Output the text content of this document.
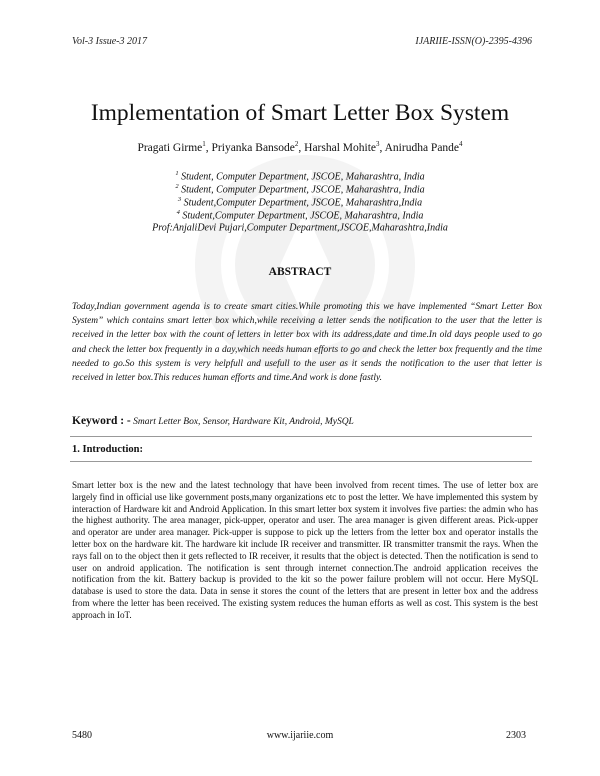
Vol-3 Issue-3 2017	IJARIIE-ISSN(O)-2395-4396
Implementation of Smart Letter Box System
Pragati Girme$^1$, Priyanka Bansode$^2$, Harshal Mohite$^3$, Anirudha Pande$^4$
$^1$ Student, Computer Department, JSCOE, Maharashtra, India
$^2$ Student, Computer Department, JSCOE, Maharashtra, India
$^3$ Student,Computer Department, JSCOE, Maharashtra,India
$^4$ Student,Computer Department, JSCOE, Maharashtra, India
Prof:AnjaliDevi Pujari,Computer Department,JSCOE,Maharashtra,India
ABSTRACT
Today,Indian government agenda is to create smart cities.While promoting this we have implemented “Smart Letter Box System” which contains smart letter box which,while receiving a letter sends the notification to the user that the letter is received in the letter box with the count of letters in letter box with its address,date and time.In old days people used to go and check the letter box frequently in a day,which needs human efforts to go and check the letter box frequently and the time needed to go.So this system is very helpfull and usefull to the user as it sends the notification to the user that letter is received in letter box.This reduces human efforts and time.And work is done fastly.
Keyword : - Smart Letter Box, Sensor, Hardware Kit, Android, MySQL
1. Introduction:
Smart letter box is the new and the latest technology that have been involved from recent times. The use of letter box are largely find in official use like government posts,many organizations etc to post the letter. We have implemented this system by interaction of Hardware kit and Android Application. In this smart letter box system it involves five parties: the admin who has the highest authority. The area manager, pick-upper, operator and user. The area manager is given different areas. Pick-upper and operator are under area manager. Pick-upper is suppose to pick up the letters from the letter box and operator installs the letter box on the hardware kit. The hardware kit include IR receiver and transmitter. IR transmitter transmit the rays. When the rays fall on to the object then it gets reflected to IR receiver, it results that the object is detected. Then the notification is send to user on android application. The notification is sent through internet connection.The android application receives the notification from the kit. Battery backup is provided to the kit so the power failure problem will not occur. Here MySQL database is used to store the data. Data in sense it stores the count of the letters that are present in letter box and the address from where the letter has been received. The existing system reduces the human efforts as well as cost. This system is the best approach in IoT.
5480	www.ijariie.com	2303
